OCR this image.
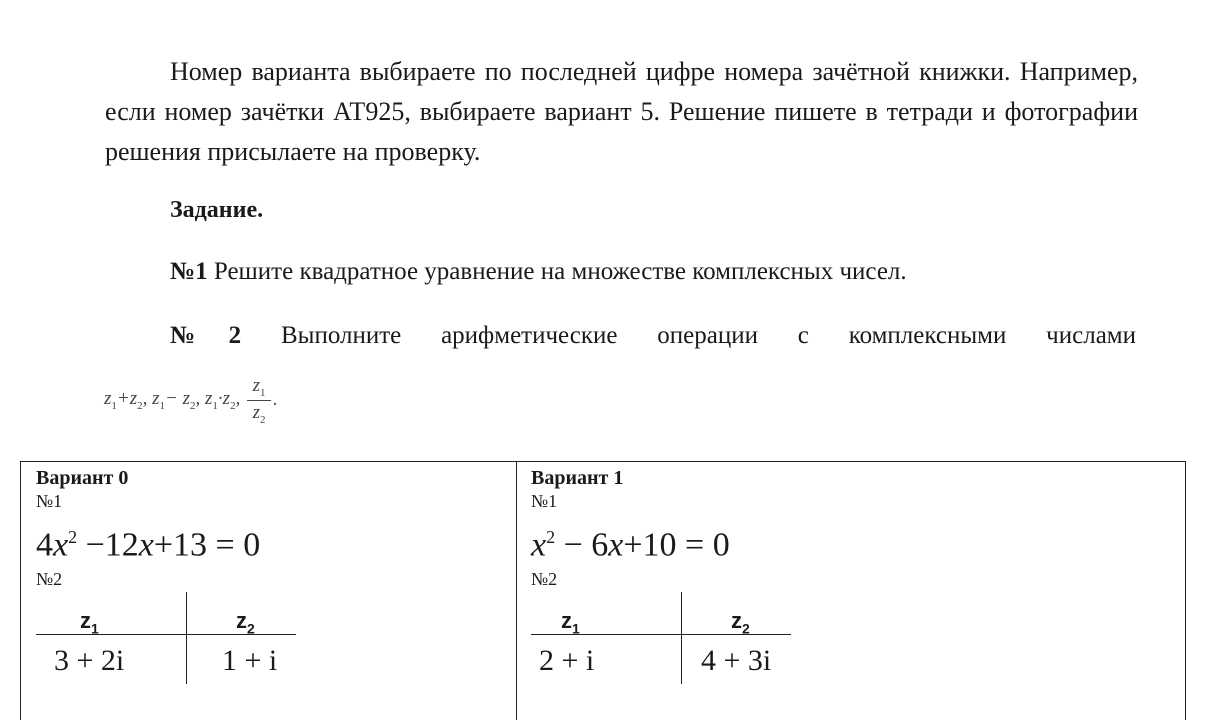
Номер варианта выбираете по последней цифре номера зачётной книжки. Например, если номер зачётки АТ925, выбираете вариант 5. Решение пишете в тетради и фотографии решения присылаете на проверку.

Задание.

№1 Решите квадратное уравнение на множестве комплексных чисел.

№2 Выполните арифметические операции с комплексными числами

$z_1+z_2$, $z_1- z_2$, $z_1\cdot z_2$, $\frac{z_1}{z_2}$ .
Вариант 0
№1
$4x^2 -12x+13 = 0$
№2
$z_1$	$z_2$
3 + 2i	1 + i
Вариант 1
№1
$x^2 - 6x+10 = 0$
№2
$z_1$	$z_2$
2 + i	4 + 3i
